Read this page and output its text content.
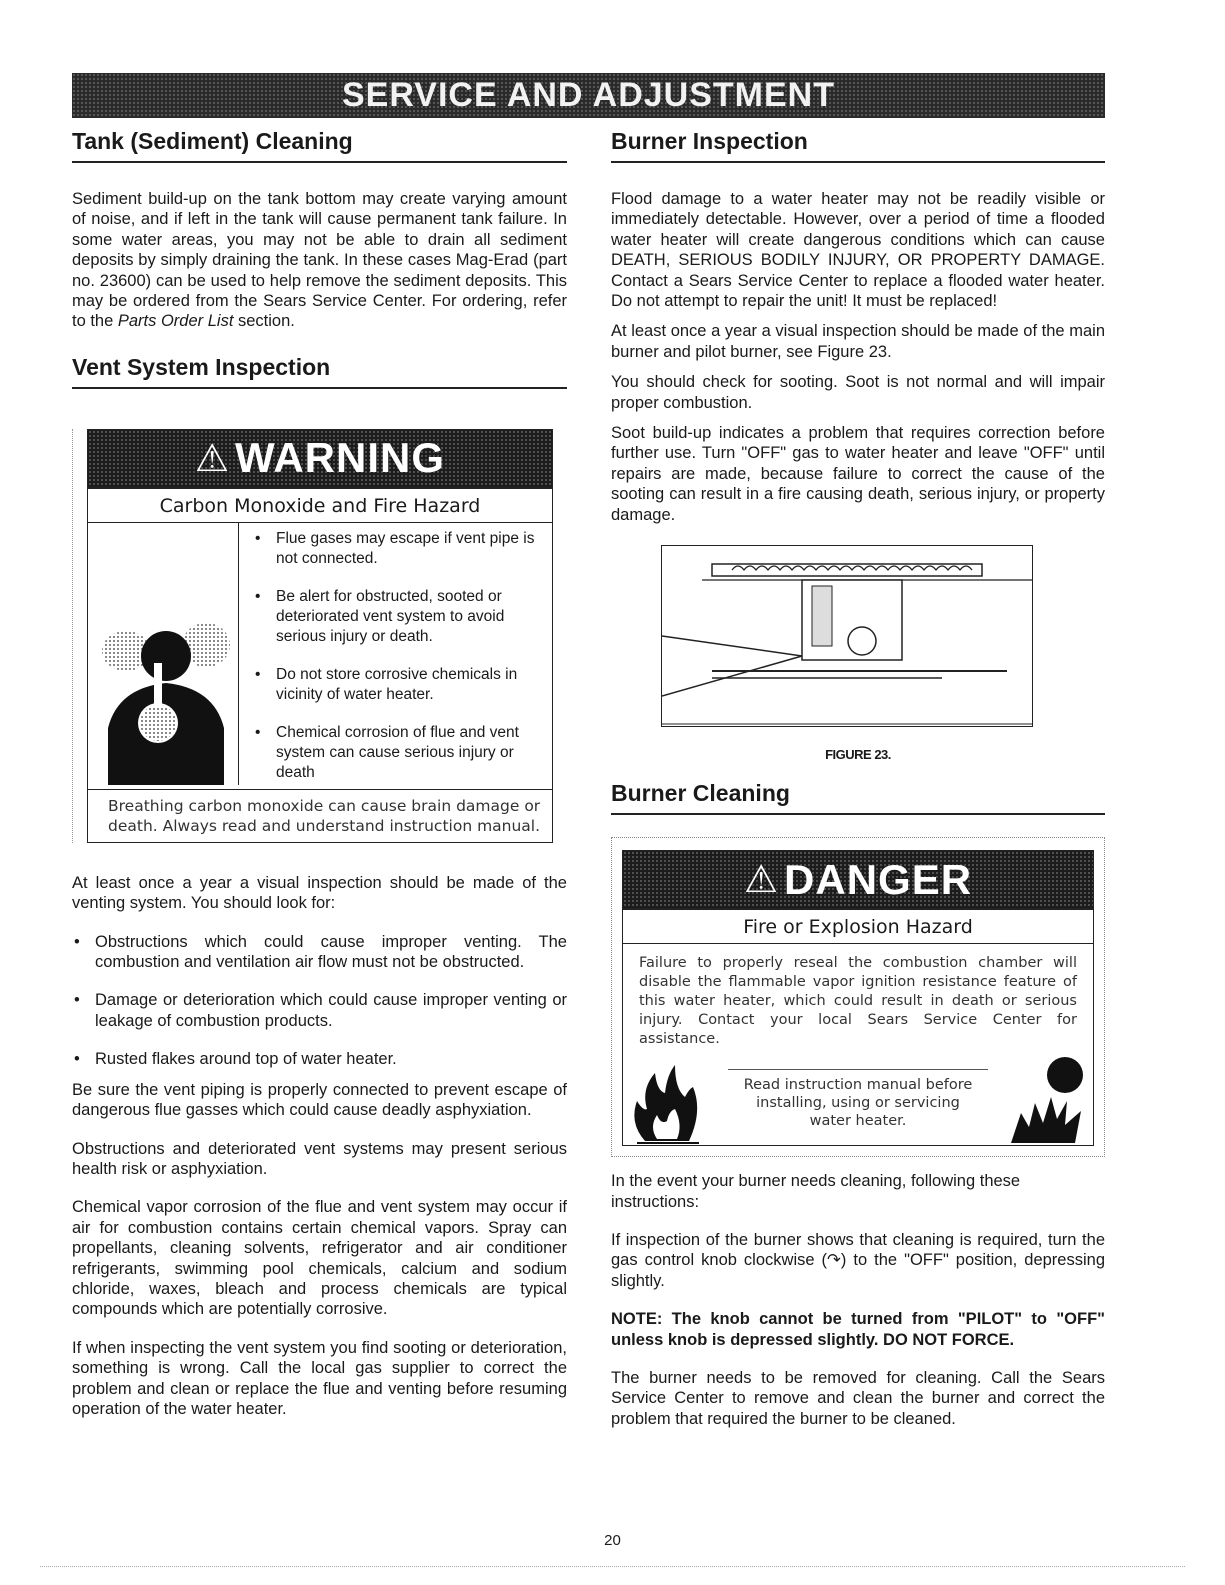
SERVICE AND ADJUSTMENT
Tank (Sediment) Cleaning

Sediment build-up on the tank bottom may create varying amount of noise, and if left in the tank will cause permanent tank failure. In some water areas, you may not be able to drain all sediment deposits by simply draining the tank. In these cases Mag-Erad (part no. 23600) can be used to help remove the sediment deposits. This may be ordered from the Sears Service Center. For ordering, refer to the Parts Order List section.

Vent System Inspection
⚠ WARNING
Carbon Monoxide and Fire Hazard
• Flue gases may escape if vent pipe is not connected.
• Be alert for obstructed, sooted or deteriorated vent system to avoid serious injury or death.
• Do not store corrosive chemicals in vicinity of water heater.
• Chemical corrosion of flue and vent system can cause serious injury or death
Breathing carbon monoxide can cause brain damage or death. Always read and understand instruction manual.

At least once a year a visual inspection should be made of the venting system. You should look for:

• Obstructions which could cause improper venting. The combustion and ventilation air flow must not be obstructed.
• Damage or deterioration which could cause improper venting or leakage of combustion products.
• Rusted flakes around top of water heater.

Be sure the vent piping is properly connected to prevent escape of dangerous flue gasses which could cause deadly asphyxiation.

Obstructions and deteriorated vent systems may present serious health risk or asphyxiation.

Chemical vapor corrosion of the flue and vent system may occur if air for combustion contains certain chemical vapors. Spray can propellants, cleaning solvents, refrigerator and air conditioner refrigerants, swimming pool chemicals, calcium and sodium chloride, waxes, bleach and process chemicals are typical compounds which are potentially corrosive.

If when inspecting the vent system you find sooting or deterioration, something is wrong. Call the local gas supplier to correct the problem and clean or replace the flue and venting before resuming operation of the water heater.

Burner Inspection

Flood damage to a water heater may not be readily visible or immediately detectable. However, over a period of time a flooded water heater will create dangerous conditions which can cause DEATH, SERIOUS BODILY INJURY, OR PROPERTY DAMAGE. Contact a Sears Service Center to replace a flooded water heater. Do not attempt to repair the unit! It must be replaced!

At least once a year a visual inspection should be made of the main burner and pilot burner, see Figure 23.

You should check for sooting. Soot is not normal and will impair proper combustion.

Soot build-up indicates a problem that requires correction before further use. Turn "OFF" gas to water heater and leave "OFF" until repairs are made, because failure to correct the cause of the sooting can result in a fire causing death, serious injury, or property damage.

FIGURE 23.
Burner Cleaning
⚠ DANGER
Fire or Explosion Hazard
Failure to properly reseal the combustion chamber will disable the flammable vapor ignition resistance feature of this water heater, which could result in death or serious injury. Contact your local Sears Service Center for assistance.
Read instruction manual before
installing, using or servicing
water heater.

In the event your burner needs cleaning, following these instructions:

If inspection of the burner shows that cleaning is required, turn the gas control knob clockwise (↷) to the "OFF" position, depressing slightly.

NOTE: The knob cannot be turned from "PILOT" to "OFF" unless knob is depressed slightly. DO NOT FORCE.

The burner needs to be removed for cleaning. Call the Sears Service Center to remove and clean the burner and correct the problem that required the burner to be cleaned.

20
